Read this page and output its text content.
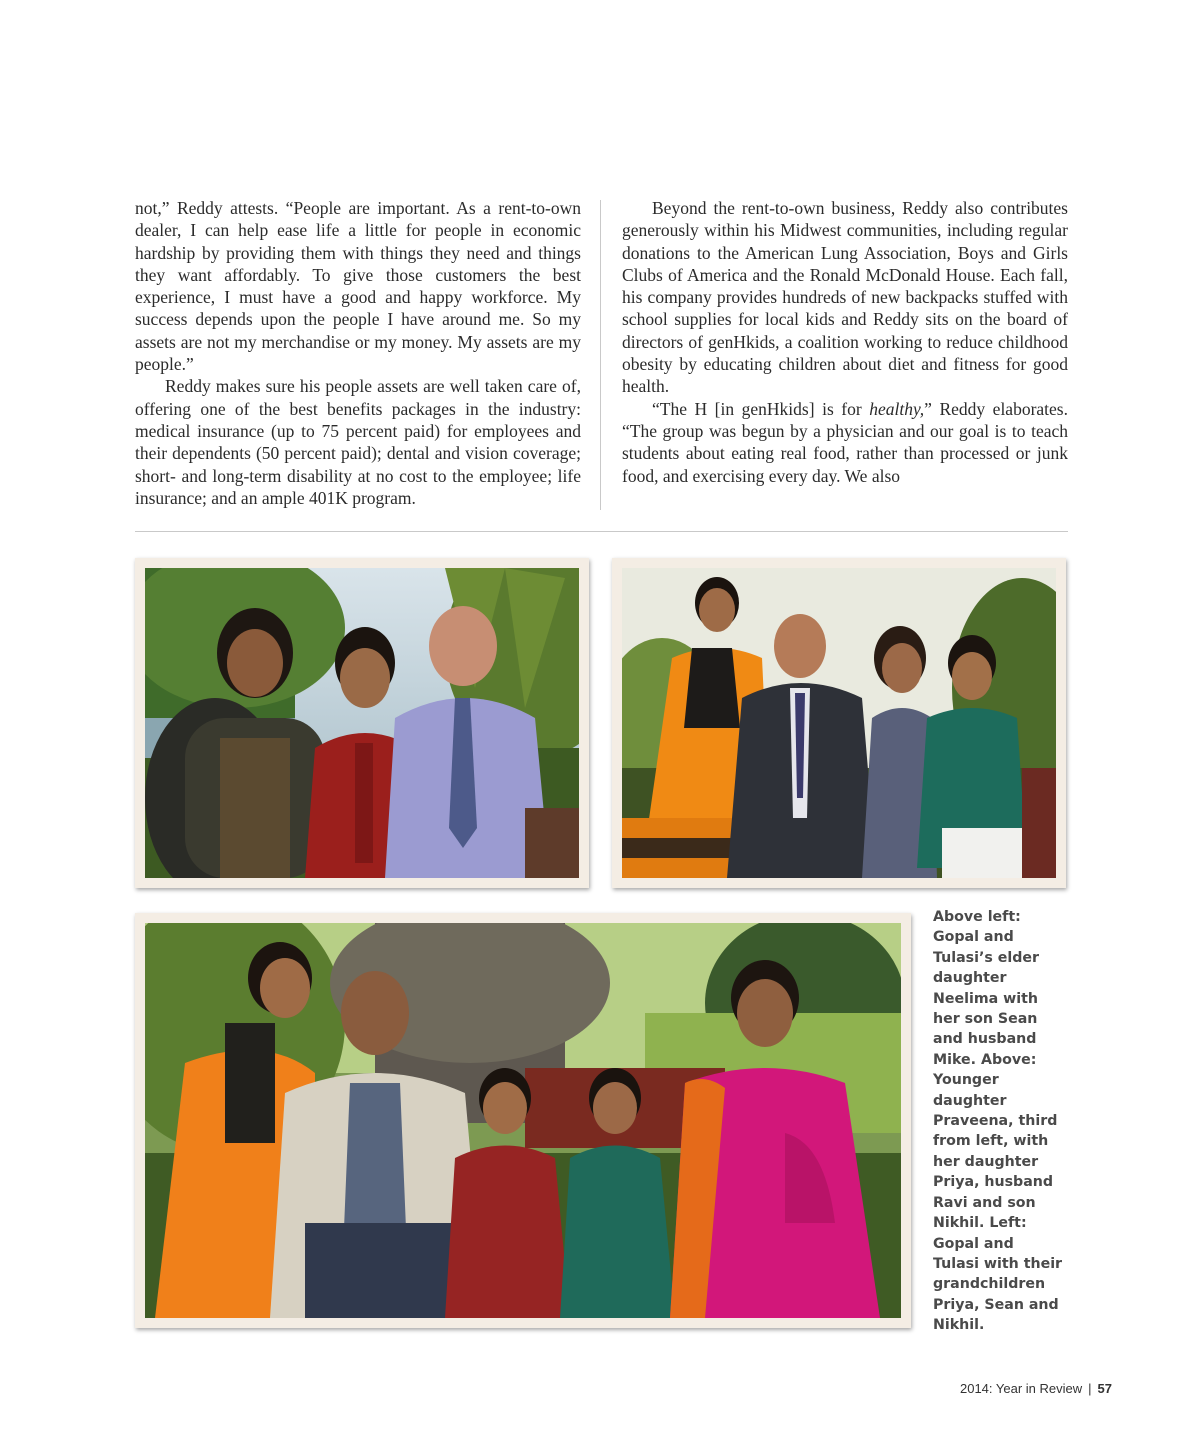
not,” Reddy attests. “People are important. As a rent-to-own dealer, I can help ease life a little for people in economic hardship by providing them with things they need and things they want affordably. To give those customers the best experience, I must have a good and happy workforce. My success depends upon the people I have around me. So my assets are not my merchandise or my money. My assets are my people.”

Reddy makes sure his people assets are well taken care of, offering one of the best benefits packages in the industry: medical insurance (up to 75 percent paid) for employees and their dependents (50 percent paid); dental and vision coverage; short- and long-term disability at no cost to the employee; life insurance; and an ample 401K program.

Beyond the rent-to-own business, Reddy also contributes generously within his Midwest communities, including regular donations to the American Lung Association, Boys and Girls Clubs of America and the Ronald McDonald House. Each fall, his company provides hundreds of new backpacks stuffed with school supplies for local kids and Reddy sits on the board of directors of genHkids, a coalition working to reduce childhood obesity by educating children about diet and fitness for good health.

“The H [in genHkids] is for healthy,” Reddy elaborates. “The group was begun by a physician and our goal is to teach students about eating real food, rather than processed or junk food, and exercising every day. We also

Above left: Gopal and Tulasi’s elder daughter Neelima with her son Sean and husband Mike. Above: Younger daughter Praveena, third from left, with her daughter Priya, husband Ravi and son Nikhil. Left: Gopal and Tulasi with their grandchildren Priya, Sean and Nikhil.
2014: Year in Review | 57
